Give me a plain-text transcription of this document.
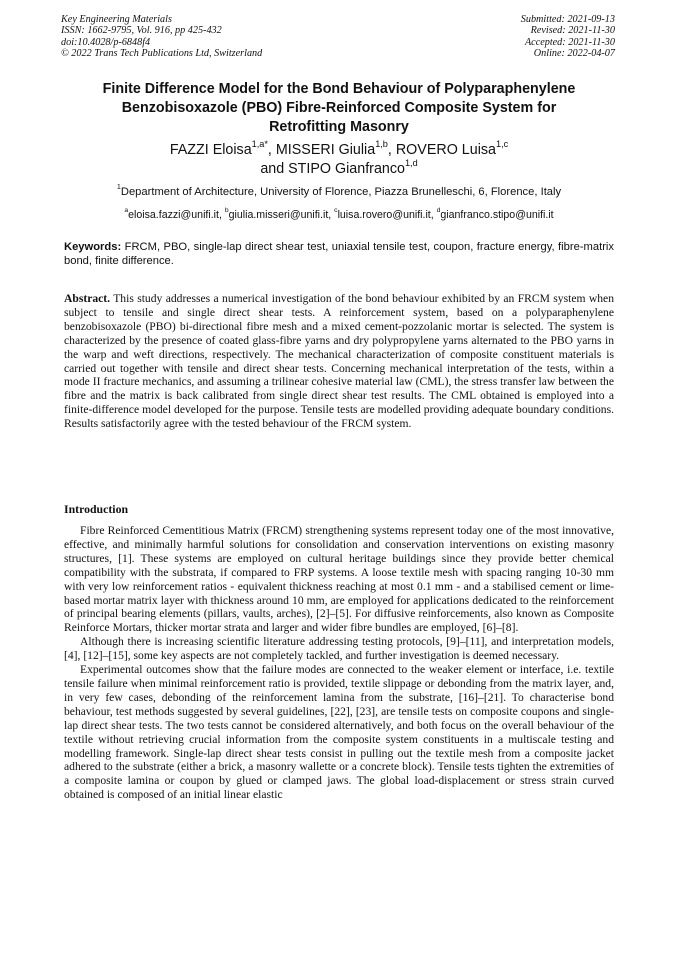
Key Engineering Materials
ISSN: 1662-9795, Vol. 916, pp 425-432
doi:10.4028/p-6848f4
© 2022 Trans Tech Publications Ltd, Switzerland
Submitted: 2021-09-13
Revised: 2021-11-30
Accepted: 2021-11-30
Online: 2022-04-07
Finite Difference Model for the Bond Behaviour of Polyparaphenylene
Benzobisoxazole (PBO) Fibre-Reinforced Composite System for
Retrofitting Masonry
FAZZI Eloisa$^{1,a*}$, MISSERI Giulia$^{1,b}$, ROVERO Luisa$^{1,c}$
and STIPO Gianfranco$^{1,d}$
$^1$Department of Architecture, University of Florence, Piazza Brunelleschi, 6, Florence, Italy
$^a$eloisa.fazzi@unifi.it, $^b$giulia.misseri@unifi.it, $^c$luisa.rovero@unifi.it, $^d$gianfranco.stipo@unifi.it
Keywords: FRCM, PBO, single-lap direct shear test, uniaxial tensile test, coupon, fracture energy, fibre-matrix bond, finite difference.
Abstract. This study addresses a numerical investigation of the bond behaviour exhibited by an FRCM system when subject to tensile and single direct shear tests. A reinforcement system, based on a polyparaphenylene benzobisoxazole (PBO) bi-directional fibre mesh and a mixed cement-pozzolanic mortar is selected. The system is characterized by the presence of coated glass-fibre yarns and dry polypropylene yarns alternated to the PBO yarns in the warp and weft directions, respectively. The mechanical characterization of composite constituent materials is carried out together with tensile and direct shear tests. Concerning mechanical interpretation of the tests, within a mode II fracture mechanics, and assuming a trilinear cohesive material law (CML), the stress transfer law between the fibre and the matrix is back calibrated from single direct shear test results. The CML obtained is employed into a finite-difference model developed for the purpose. Tensile tests are modelled providing adequate boundary conditions. Results satisfactorily agree with the tested behaviour of the FRCM system.
Introduction

Fibre Reinforced Cementitious Matrix (FRCM) strengthening systems represent today one of the most innovative, effective, and minimally harmful solutions for consolidation and conservation interventions on existing masonry structures, [1]. These systems are employed on cultural heritage buildings since they provide better chemical compatibility with the substrata, if compared to FRP systems. A loose textile mesh with spacing ranging 10-30 mm with very low reinforcement ratios - equivalent thickness reaching at most 0.1 mm - and a stabilised cement or lime-based mortar matrix layer with thickness around 10 mm, are employed for applications dedicated to the reinforcement of principal bearing elements (pillars, vaults, arches), [2]–[5]. For diffusive reinforcements, also known as Composite Reinforce Mortars, thicker mortar strata and larger and wider fibre bundles are employed, [6]–[8].

Although there is increasing scientific literature addressing testing protocols, [9]–[11], and interpretation models, [4], [12]–[15], some key aspects are not completely tackled, and further investigation is deemed necessary.

Experimental outcomes show that the failure modes are connected to the weaker element or interface, i.e. textile tensile failure when minimal reinforcement ratio is provided, textile slippage or debonding from the matrix layer, and, in very few cases, debonding of the reinforcement lamina from the substrate, [16]–[21]. To characterise bond behaviour, test methods suggested by several guidelines, [22], [23], are tensile tests on composite coupons and single-lap direct shear tests. The two tests cannot be considered alternatively, and both focus on the overall behaviour of the textile without retrieving crucial information from the composite system constituents in a multiscale testing and modelling framework. Single-lap direct shear tests consist in pulling out the textile mesh from a composite jacket adhered to the substrate (either a brick, a masonry wallette or a concrete block). Tensile tests tighten the extremities of a composite lamina or coupon by glued or clamped jaws. The global load-displacement or stress strain curved obtained is composed of an initial linear elastic
